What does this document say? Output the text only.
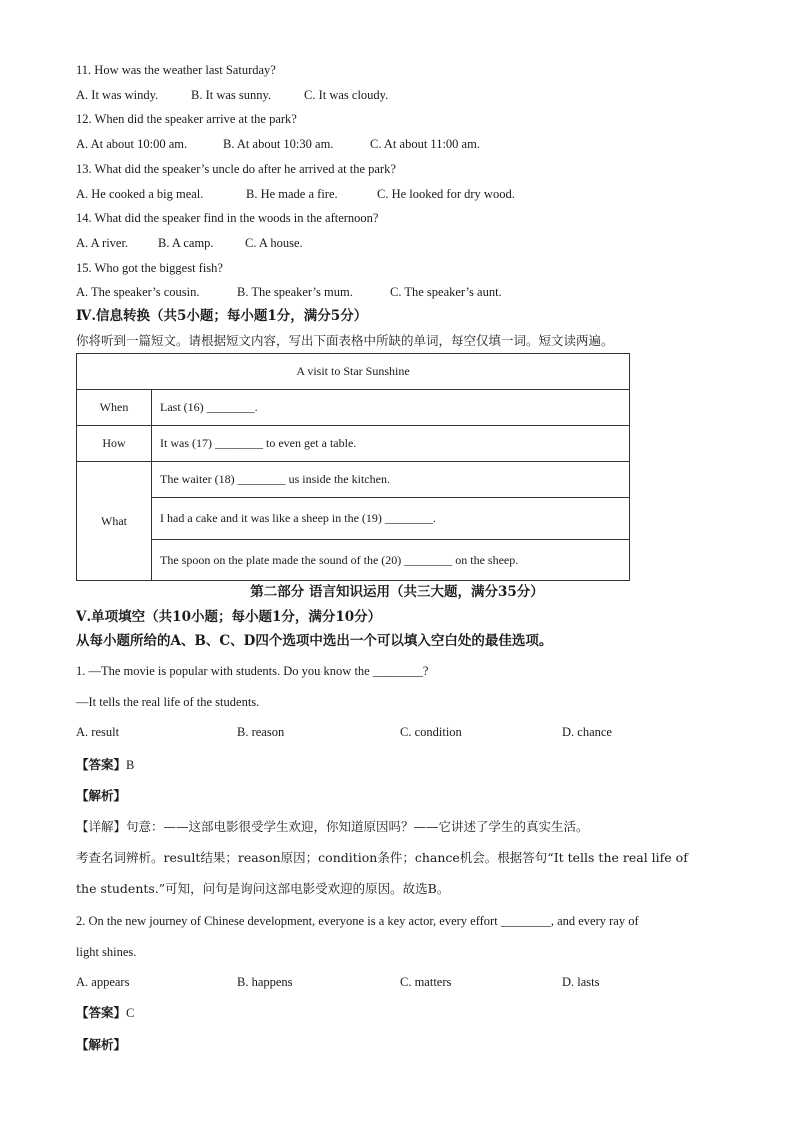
11. How was the weather last Saturday?
A. It was windy.	B. It was sunny.	C. It was cloudy.
12. When did the speaker arrive at the park?
A. At about 10:00 am.	B. At about 10:30 am.	C. At about 11:00 am.
13. What did the speaker’s uncle do after he arrived at the park?
A. He cooked a big meal.	B. He made a fire.	C. He looked for dry wood.
14. What did the speaker find in the woods in the afternoon?
A. A river. B. A camp.	C. A house.
15. Who got the biggest fish?
A. The speaker’s cousin.	B. The speaker’s mum.	C. The speaker’s aunt.
Ⅳ.信息转换（共5小题；每小题1分，满分5分）
你将听到一篇短文。请根据短文内容，写出下面表格中所缺的单词，每空仅填一词。短文读两遍。
A visit to Star Sunshine	
When	Last (16) ________.
How	It was (17) ________ to even get a table.
What	The waiter (18) ________ us inside the kitchen.
	I had a cake and it was like a sheep in the (19) ________.
	The spoon on the plate made the sound of the (20) ________ on the sheep.
第二部分 语言知识运用（共三大题，满分35分）
Ⅴ.单项填空（共10小题；每小题1分，满分10分）
从每小题所给的A、B、C、D四个选项中选出一个可以填入空白处的最佳选项。
1. —The movie is popular with students. Do you know the ________?
—It tells the real life of the students.
A. result	B. reason	C. condition	D. chance
【答案】B
【解析】
【详解】句意：——这部电影很受学生欢迎，你知道原因吗？——它讲述了学生的真实生活。
考查名词辨析。result结果；reason原因；condition条件；chance机会。根据答句“It tells the real life of
the students.”可知，问句是询问这部电影受欢迎的原因。故选B。
2. On the new journey of Chinese development, everyone is a key actor, every effort ________, and every ray of
light shines.
A. appears	B. happens	C. matters	D. lasts
【答案】C
【解析】
